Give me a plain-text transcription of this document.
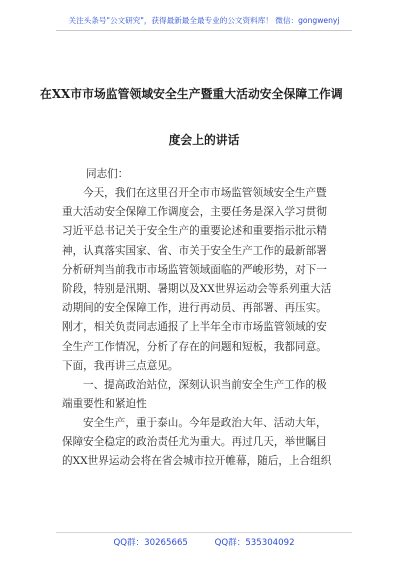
关注头条号"公文研究"，获得最新最全最专业的公文资料库！ 微信：gongwenyj
在XX市市场监管领域安全生产暨重大活动安全保障工作调
度会上的讲话
同志们：
今天，我们在这里召开全市市场监管领域安全生产暨
重大活动安全保障工作调度会，主要任务是深入学习贯彻
习近平总书记关于安全生产的重要论述和重要指示批示精
神，认真落实国家、省、市关于安全生产工作的最新部署
分析研判当前我市市场监管领域面临的严峻形势，对下一
阶段，特别是汛期、暑期以及XX世界运动会等系列重大活
动期间的安全保障工作，进行再动员、再部署、再压实。
刚才，相关负责同志通报了上半年全市市场监管领域的安
全生产工作情况，分析了存在的问题和短板，我都同意。
下面，我再讲三点意见。
一、提高政治站位，深刻认识当前安全生产工作的极
端重要性和紧迫性
安全生产，重于泰山。今年是政治大年、活动大年，
保障安全稳定的政治责任尤为重大。再过几天，举世瞩目
的XX世界运动会将在省会城市拉开帷幕，随后，上合组织
QQ群：30265665 QQ群：535304092
